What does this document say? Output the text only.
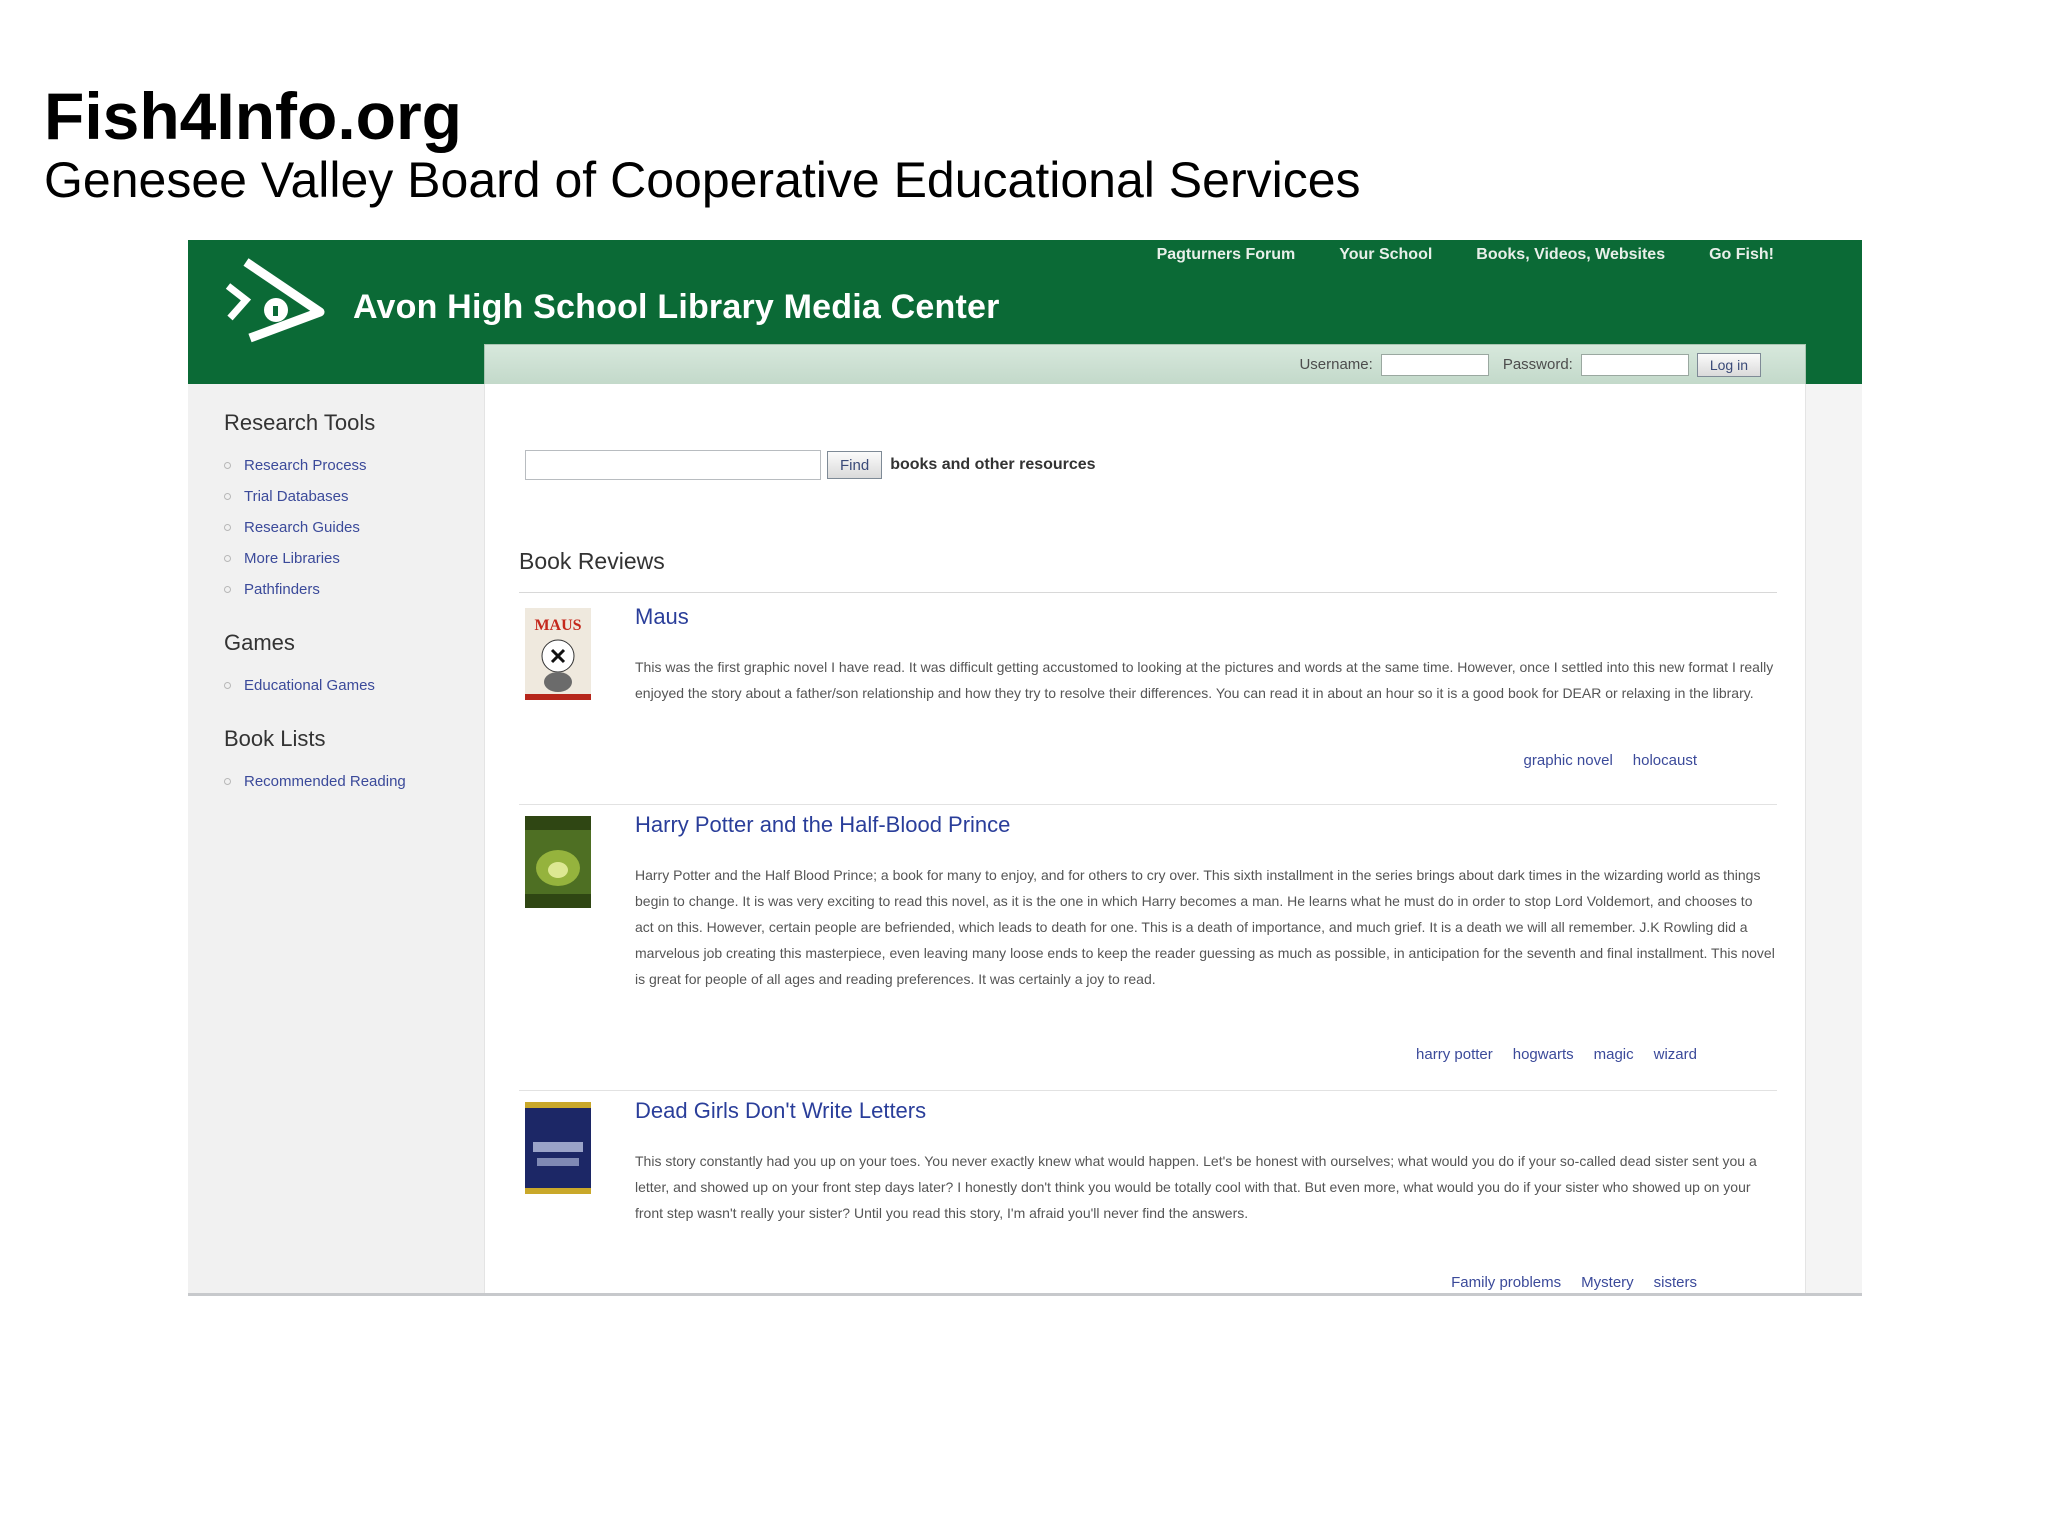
Fish4Info.org
Genesee Valley Board of Cooperative Educational Services
Avon High School Library Media Center
Pagturners Forum	Your School	Books, Videos, Websites	Go Fish!
Username:	Password:	Log in
Research Tools
Research Process
Trial Databases
Research Guides
More Libraries
Pathfinders
Games
Educational Games
Book Lists
Recommended Reading
Find	books and other resources
Book Reviews
MAUS Maus
This was the first graphic novel I have read. It was difficult getting accustomed to looking at the pictures and words at the same time. However, once I settled into this new format I really enjoyed the story about a father/son relationship and how they try to resolve their differences. You can read it in about an hour so it is a good book for DEAR or relaxing in the library.
graphic novel holocaust
Harry Potter and the Half-Blood Prince
Harry Potter and the Half Blood Prince; a book for many to enjoy, and for others to cry over. This sixth installment in the series brings about dark times in the wizarding world as things begin to change. It is was very exciting to read this novel, as it is the one in which Harry becomes a man. He learns what he must do in order to stop Lord Voldemort, and chooses to act on this. However, certain people are befriended, which leads to death for one. This is a death of importance, and much grief. It is a death we will all remember. J.K Rowling did a marvelous job creating this masterpiece, even leaving many loose ends to keep the reader guessing as much as possible, in anticipation for the seventh and final installment. This novel is great for people of all ages and reading preferences. It was certainly a joy to read.
harry potter hogwarts magic wizard
Dead Girls Don't Write Letters
This story constantly had you up on your toes. You never exactly knew what would happen. Let's be honest with ourselves; what would you do if your so-called dead sister sent you a letter, and showed up on your front step days later? I honestly don't think you would be totally cool with that. But even more, what would you do if your sister who showed up on your front step wasn't really your sister? Until you read this story, I'm afraid you'll never find the answers.
Family problems Mystery sisters
